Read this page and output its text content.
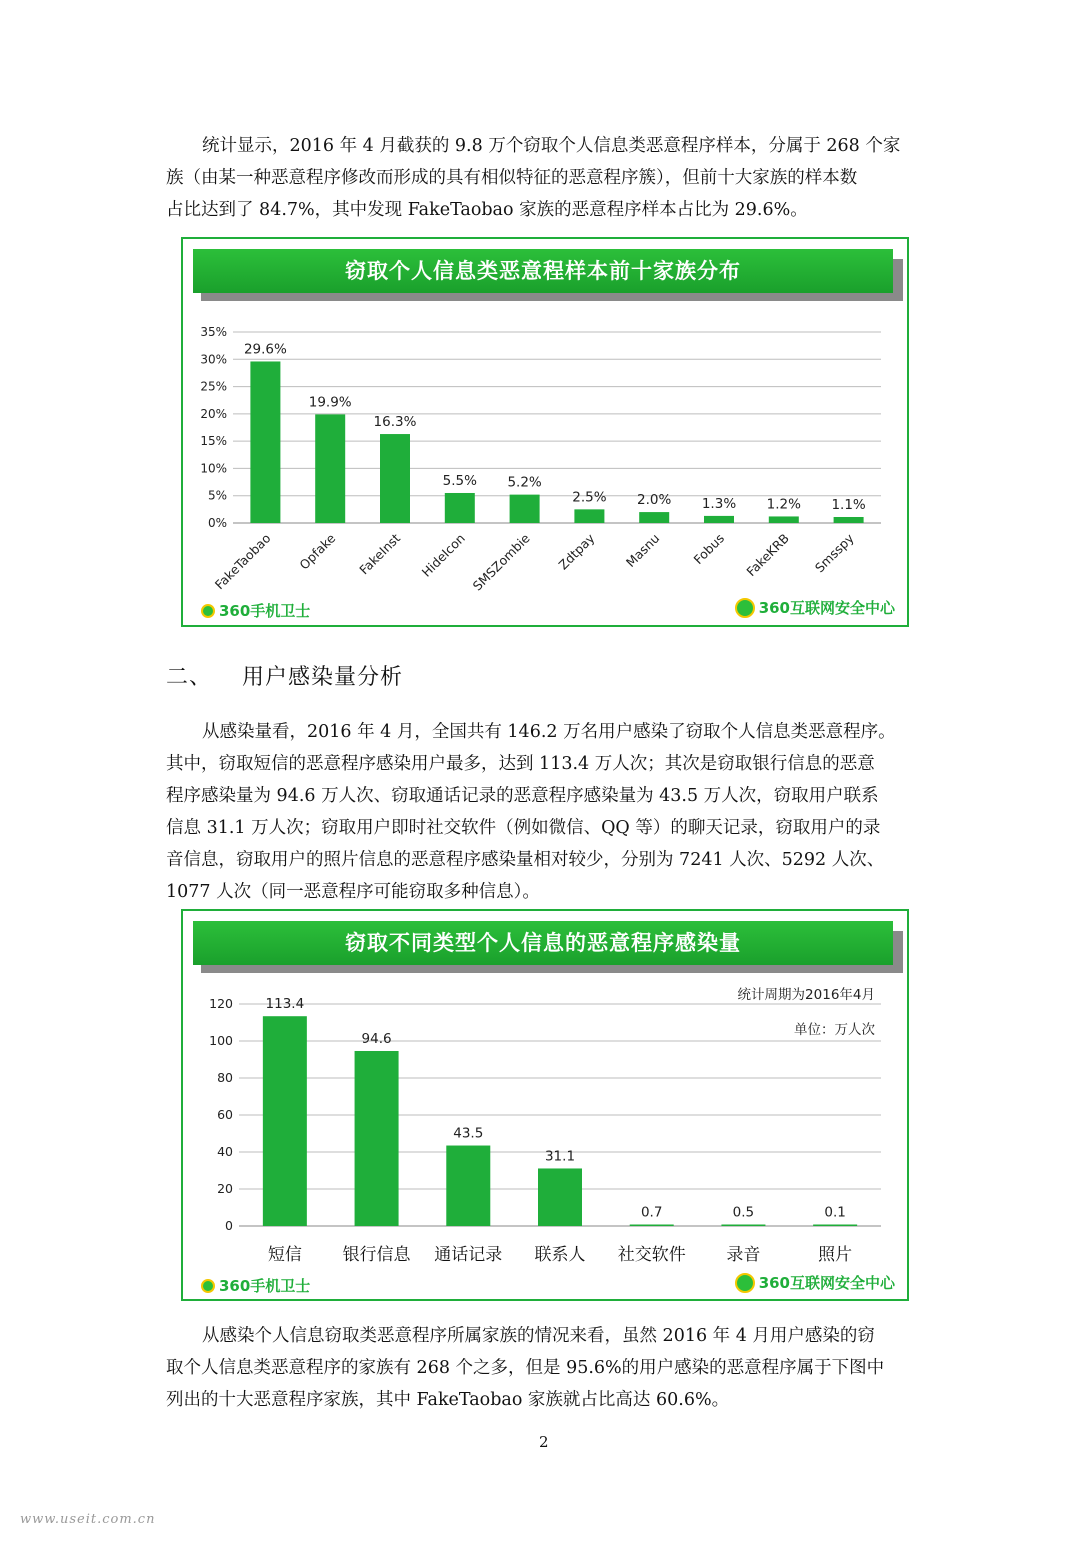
统计显示，2016 年 4 月截获的 9.8 万个窃取个人信息类恶意程序样本，分属于 268 个家
族（由某一种恶意程序修改而形成的具有相似特征的恶意程序簇），但前十大家族的样本数
占比达到了 84.7%，其中发现 FakeTaobao 家族的恶意程序样本占比为 29.6%。
窃取个人信息类恶意程样本前十家族分布
0%
5%
10%
15%
20%
25%
30%
35%
29.6%
FakeTaobao
19.9%
Opfake
16.3%
FakeInst
5.5%
HideIcon
5.2%
SMSZombie
2.5%
Zdtpay
2.0%
Masnu
1.3%
Fobus
1.2%
FakeKRB
1.1%
Smsspy
360手机卫士	360互联网安全中心
二、 用户感染量分析
从感染量看，2016 年 4 月，全国共有 146.2 万名用户感染了窃取个人信息类恶意程序。
其中，窃取短信的恶意程序感染用户最多，达到 113.4 万人次；其次是窃取银行信息的恶意
程序感染量为 94.6 万人次、窃取通话记录的恶意程序感染量为 43.5 万人次，窃取用户联系
信息 31.1 万人次；窃取用户即时社交软件（例如微信、QQ 等）的聊天记录，窃取用户的录
音信息，窃取用户的照片信息的恶意程序感染量相对较少，分别为 7241 人次、5292 人次、
1077 人次（同一恶意程序可能窃取多种信息）。
窃取不同类型个人信息的恶意程序感染量
0
20
40
60
80
100
120 113.4
短信
94.6
银行信息
43.5
通话记录
31.1
联系人
0.7
社交软件
0.5
录音
0.1
照片
统计周期为2016年4月
单位：万人次
360手机卫士	360互联网安全中心
从感染个人信息窃取类恶意程序所属家族的情况来看，虽然 2016 年 4 月用户感染的窃
取个人信息类恶意程序的家族有 268 个之多，但是 95.6%的用户感染的恶意程序属于下图中
列出的十大恶意程序家族，其中 FakeTaobao 家族就占比高达 60.6%。
2
www.useit.com.cn
